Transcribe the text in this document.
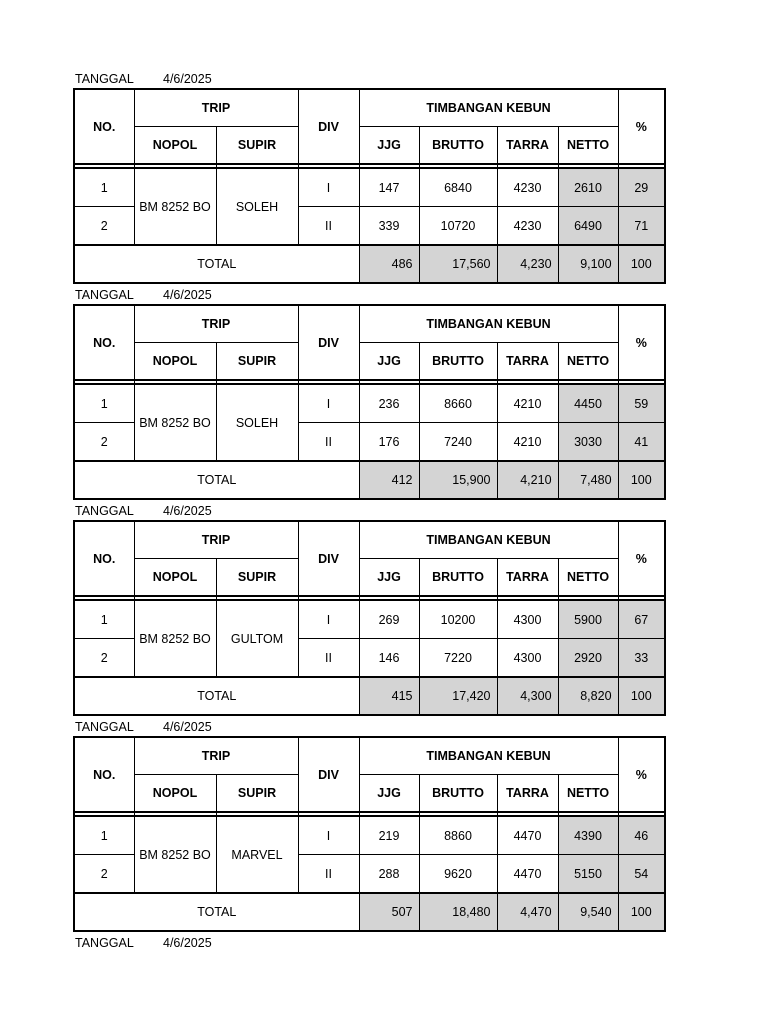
TANGGAL	4/6/2025
NO.	TRIP		DIV	TIMBANGAN KEBUN				%
	NOPOL	SUPIR		JJG	BRUTTO	TARRA	NETTO	

1	BM 8252 BO	SOLEH	I	147	6840	4230	2610	29
2			II	339	10720	4230	6490	71
TOTAL				486	17,560	4,230	9,100	100
TANGGAL	4/6/2025
NO.	TRIP		DIV	TIMBANGAN KEBUN				%
	NOPOL	SUPIR		JJG	BRUTTO	TARRA	NETTO	

1	BM 8252 BO	SOLEH	I	236	8660	4210	4450	59
2			II	176	7240	4210	3030	41
TOTAL				412	15,900	4,210	7,480	100
TANGGAL	4/6/2025
NO.	TRIP		DIV	TIMBANGAN KEBUN				%
	NOPOL	SUPIR		JJG	BRUTTO	TARRA	NETTO	

1	BM 8252 BO	GULTOM	I	269	10200	4300	5900	67
2			II	146	7220	4300	2920	33
TOTAL				415	17,420	4,300	8,820	100
TANGGAL	4/6/2025
NO.	TRIP		DIV	TIMBANGAN KEBUN				%
	NOPOL	SUPIR		JJG	BRUTTO	TARRA	NETTO	

1	BM 8252 BO	MARVEL	I	219	8860	4470	4390	46
2			II	288	9620	4470	5150	54
TOTAL				507	18,480	4,470	9,540	100
TANGGAL	4/6/2025
